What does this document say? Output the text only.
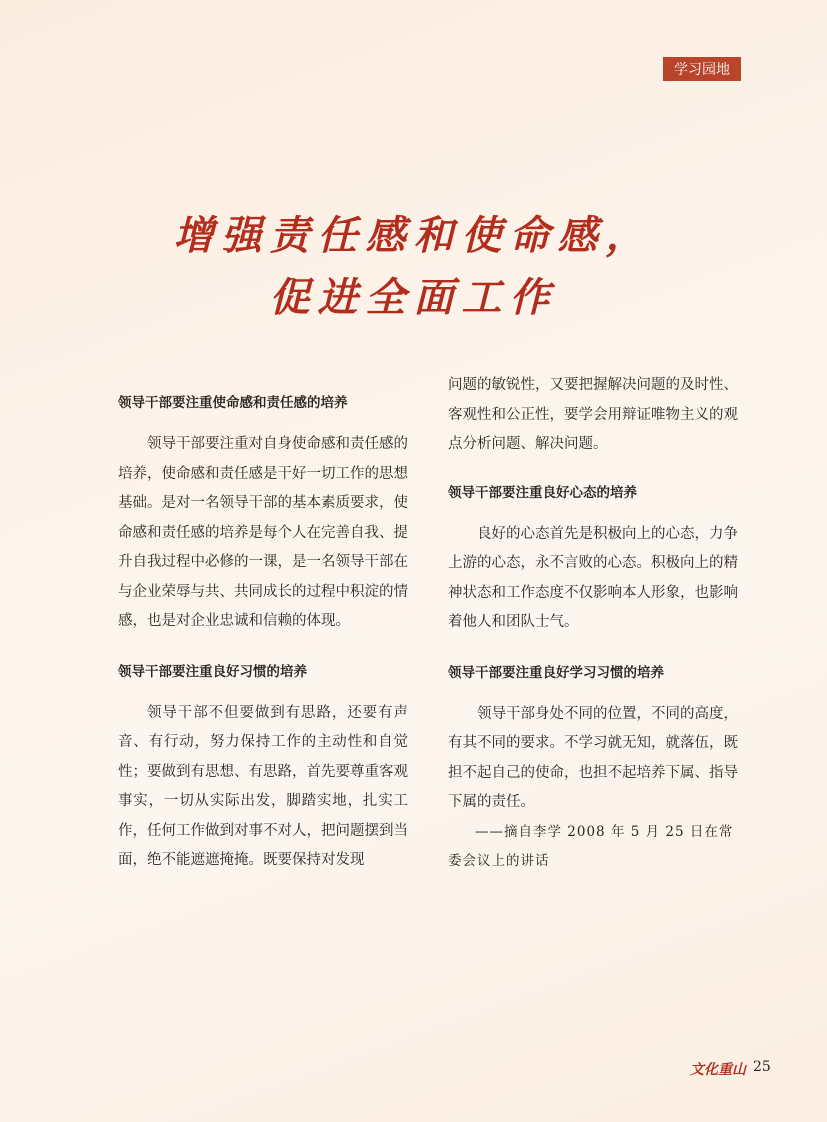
学习园地
增强责任感和使命感，
促进全面工作

领导干部要注重使命感和责任感的培养

领导干部要注重对自身使命感和责任感的培养，使命感和责任感是干好一切工作的思想基础。是对一名领导干部的基本素质要求，使命感和责任感的培养是每个人在完善自我、提升自我过程中必修的一课，是一名领导干部在与企业荣辱与共、共同成长的过程中积淀的情感，也是对企业忠诚和信赖的体现。

领导干部要注重良好习惯的培养

领导干部不但要做到有思路，还要有声音、有行动，努力保持工作的主动性和自觉性；要做到有思想、有思路，首先要尊重客观事实，一切从实际出发，脚踏实地，扎实工作，任何工作做到对事不对人，把问题摆到当面，绝不能遮遮掩掩。既要保持对发现

问题的敏锐性，又要把握解决问题的及时性、客观性和公正性，要学会用辩证唯物主义的观点分析问题、解决问题。

领导干部要注重良好心态的培养

良好的心态首先是积极向上的心态，力争上游的心态，永不言败的心态。积极向上的精神状态和工作态度不仅影响本人形象，也影响着他人和团队士气。

领导干部要注重良好学习习惯的培养

领导干部身处不同的位置，不同的高度，有其不同的要求。不学习就无知，就落伍，既担不起自己的使命，也担不起培养下属、指导下属的责任。

——摘自李学 2008 年 5 月 25 日在常委会议上的讲话

文化重山 25
